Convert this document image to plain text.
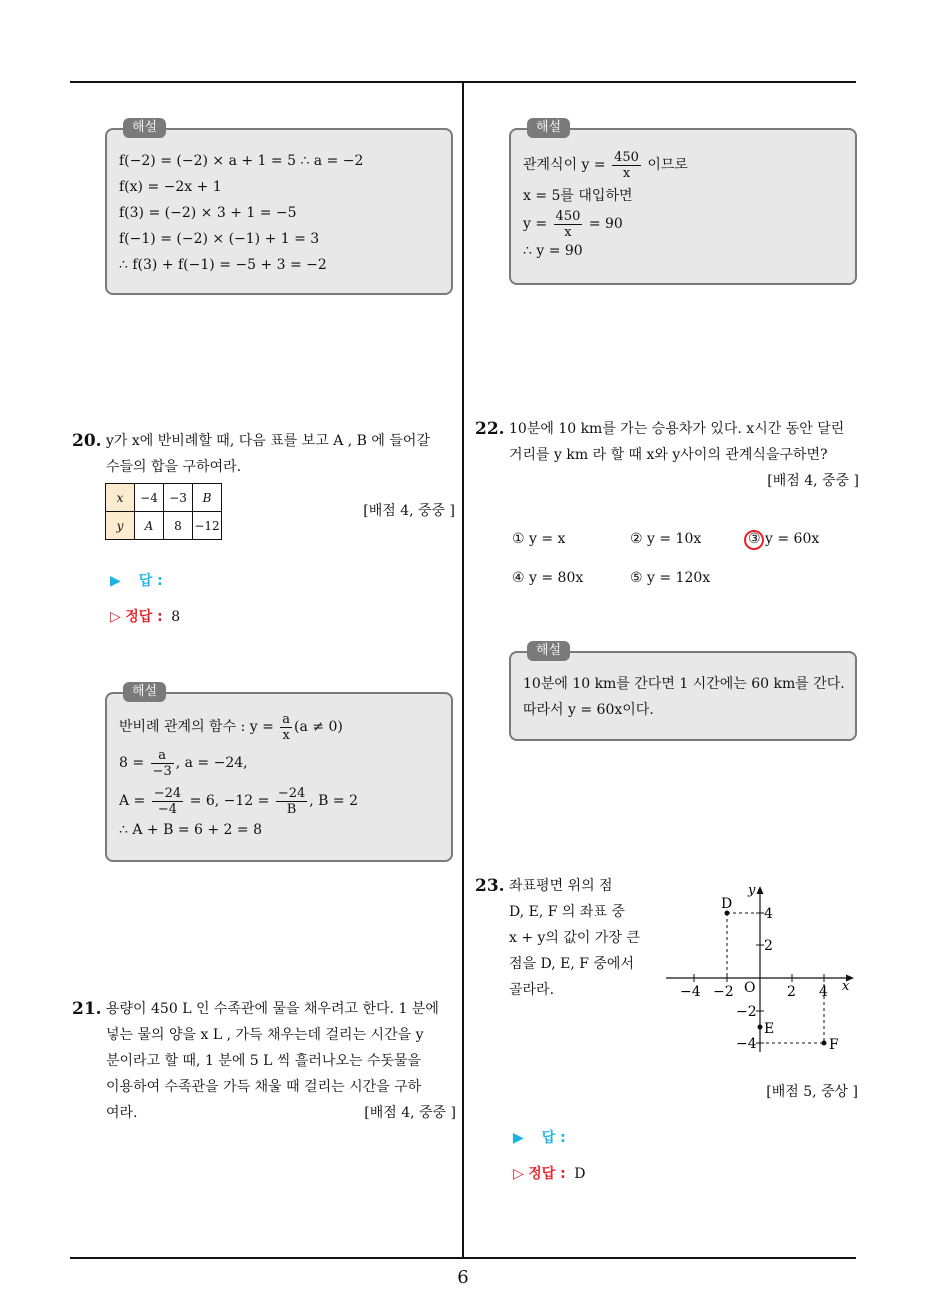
해설
f(−2) = (−2) × a + 1 = 5 ∴ a = −2
f(x) = −2x + 1
f(3) = (−2) × 3 + 1 = −5
f(−1) = (−2) × (−1) + 1 = 3
∴ f(3) + f(−1) = −5 + 3 = −2
20. y가 x에 반비례할 때, 다음 표를 보고 A , B 에 들어갈
수들의 합을 구하여라.
x	−4	−3	B
y	A	8	−12
[배점 4, 중중 ]
▶ 답 :
▷ 정답 : 8
해설
반비례 관계의 함수 : $y = \frac{a}{x} (a \ne 0)$
$8 = \frac{a}{-3}$ , a = −24,
$A = \frac{-24}{-4} = 6$, $-12 = \frac{-24}{B}$ , B = 2
∴ A + B = 6 + 2 = 8
21. 용량이 450 L 인 수족관에 물을 채우려고 한다. 1 분에
넣는 물의 양을 x L , 가득 채우는데 걸리는 시간을 y
분이라고 할 때, 1 분에 5 L 씩 흘러나오는 수돗물을
이용하여 수족관을 가득 채울 때 걸리는 시간을 구하
여라.	[배점 4, 중중 ]
해설
관계식이 $y = \frac{450}{x}$ 이므로
x = 5를 대입하면
$y = \frac{450}{x} = 90$
∴ y = 90
22. 10분에 10 km를 가는 승용차가 있다. x시간 동안 달린
거리를 y km 라 할 때 x와 y사이의 관계식을구하면?
[배점 4, 중중 ]
① y = x	② y = 10x	③ y = 60x
④ y = 80x	⑤ y = 120x
해설
10분에 10 km를 간다면 1 시간에는 60 km를 간다.
따라서 y = 60x이다.
23. 좌표평면 위의 점
D, E, F 의 좌표 중
x + y의 값이 가장 큰
점을 D, E, F 중에서
골라라.
y
x
O
−4 −2	2 4
4
2
−2
−4
D
E
F
[배점 5, 중상 ]
▶ 답 :
▷ 정답 : D
6
